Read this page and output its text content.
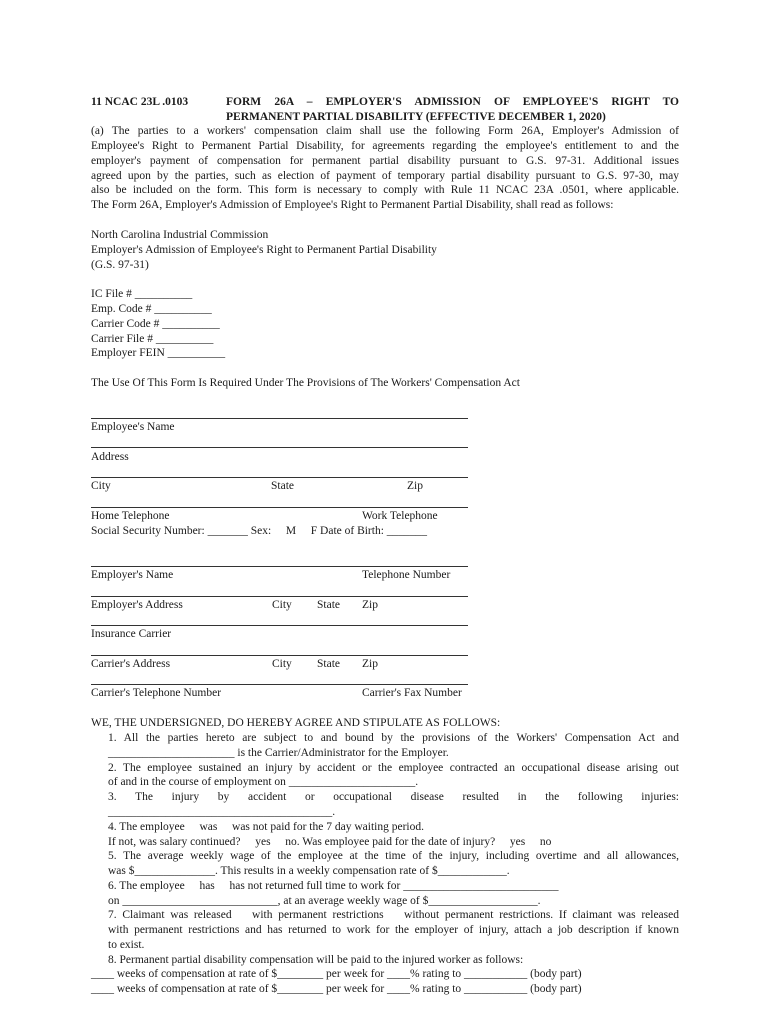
11 NCAC 23L .0103	FORM 26A – EMPLOYER'S ADMISSION OF EMPLOYEE'S RIGHT TO
PERMANENT PARTIAL DISABILITY (EFFECTIVE DECEMBER 1, 2020)
(a) The parties to a workers' compensation claim shall use the following Form 26A, Employer's Admission of
Employee's Right to Permanent Partial Disability, for agreements regarding the employee's entitlement to and the
employer's payment of compensation for permanent partial disability pursuant to G.S. 97-31. Additional issues
agreed upon by the parties, such as election of payment of temporary partial disability pursuant to G.S. 97-30, may
also be included on the form. This form is necessary to comply with Rule 11 NCAC 23A .0501, where applicable.
The Form 26A, Employer's Admission of Employee's Right to Permanent Partial Disability, shall read as follows:
North Carolina Industrial Commission
Employer's Admission of Employee's Right to Permanent Partial Disability
(G.S. 97-31)
IC File # __________
Emp. Code # __________
Carrier Code # __________
Carrier File # __________
Employer FEIN __________
The Use Of This Form Is Required Under The Provisions of The Workers' Compensation Act
Employee's Name
Address
City	State	Zip
Home Telephone	Work Telephone
Social Security Number: _______ Sex: M F Date of Birth: _______
Employer's Name	Telephone Number
Employer's Address	City State Zip
Insurance Carrier
Carrier's Address	City State Zip
Carrier's Telephone Number	Carrier's Fax Number
WE, THE UNDERSIGNED, DO HEREBY AGREE AND STIPULATE AS FOLLOWS:
1. All the parties hereto are subject to and bound by the provisions of the Workers' Compensation Act and
______________________ is the Carrier/Administrator for the Employer.
2. The employee sustained an injury by accident or the employee contracted an occupational disease arising out
of and in the course of employment on ______________________.
3. The injury by accident or occupational disease resulted in the following injuries:
_______________________________________.
4. The employee was was not paid for the 7 day waiting period.
If not, was salary continued? yes no. Was employee paid for the date of injury? yes no
5. The average weekly wage of the employee at the time of the injury, including overtime and all allowances,
was $______________. This results in a weekly compensation rate of $____________.
6. The employee has has not returned full time to work for ___________________________
on ___________________________, at an average weekly wage of $___________________.
7. Claimant was released with permanent restrictions without permanent restrictions. If claimant was released
with permanent restrictions and has returned to work for the employer of injury, attach a job description if known
to exist.
8. Permanent partial disability compensation will be paid to the injured worker as follows:
____ weeks of compensation at rate of $________ per week for ____% rating to ___________ (body part)
____ weeks of compensation at rate of $________ per week for ____% rating to ___________ (body part)
